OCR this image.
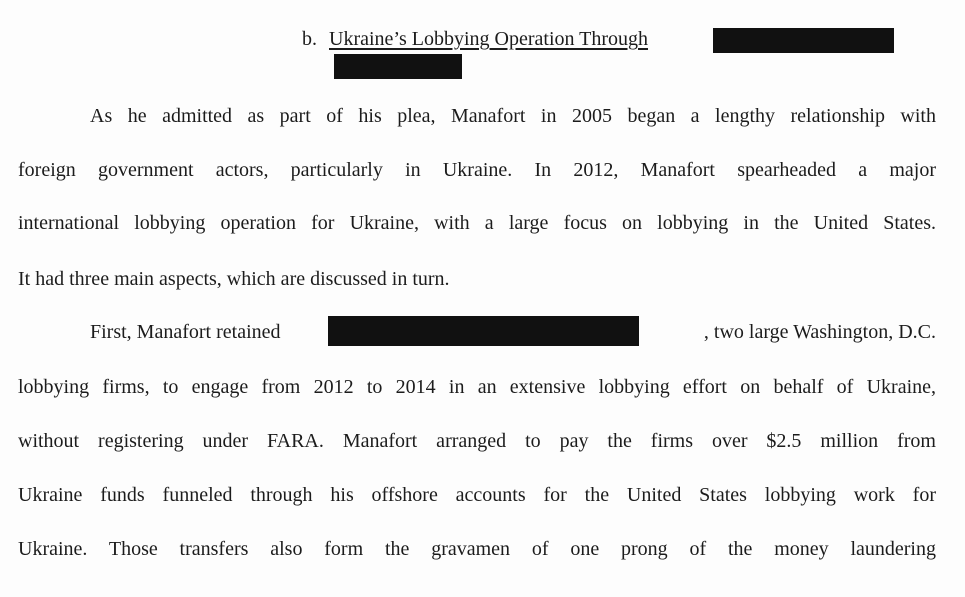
b. Ukraine’s Lobbying Operation Through
As he admitted as part of his plea, Manafort in 2005 began a lengthy relationship with
foreign government actors, particularly in Ukraine. In 2012, Manafort spearheaded a major
international lobbying operation for Ukraine, with a large focus on lobbying in the United States.
It had three main aspects, which are discussed in turn.
First, Manafort retained	, two large Washington, D.C.
lobbying firms, to engage from 2012 to 2014 in an extensive lobbying effort on behalf of Ukraine,
without registering under FARA. Manafort arranged to pay the firms over $2.5 million from
Ukraine funds funneled through his offshore accounts for the United States lobbying work for
Ukraine. Those transfers also form the gravamen of one prong of the money laundering
